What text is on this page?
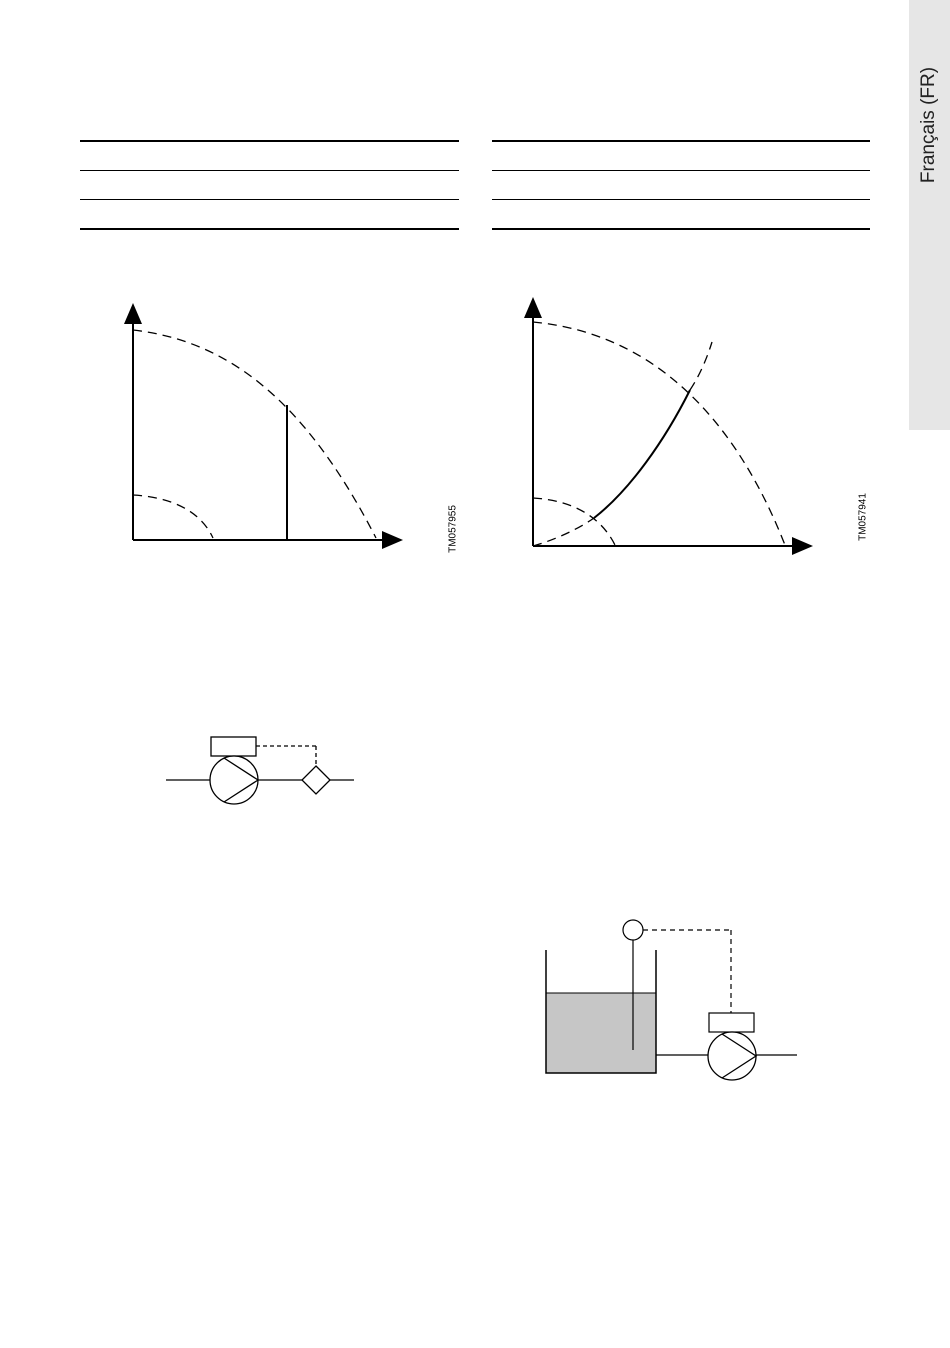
Français (FR)
TM057955	TM057941
